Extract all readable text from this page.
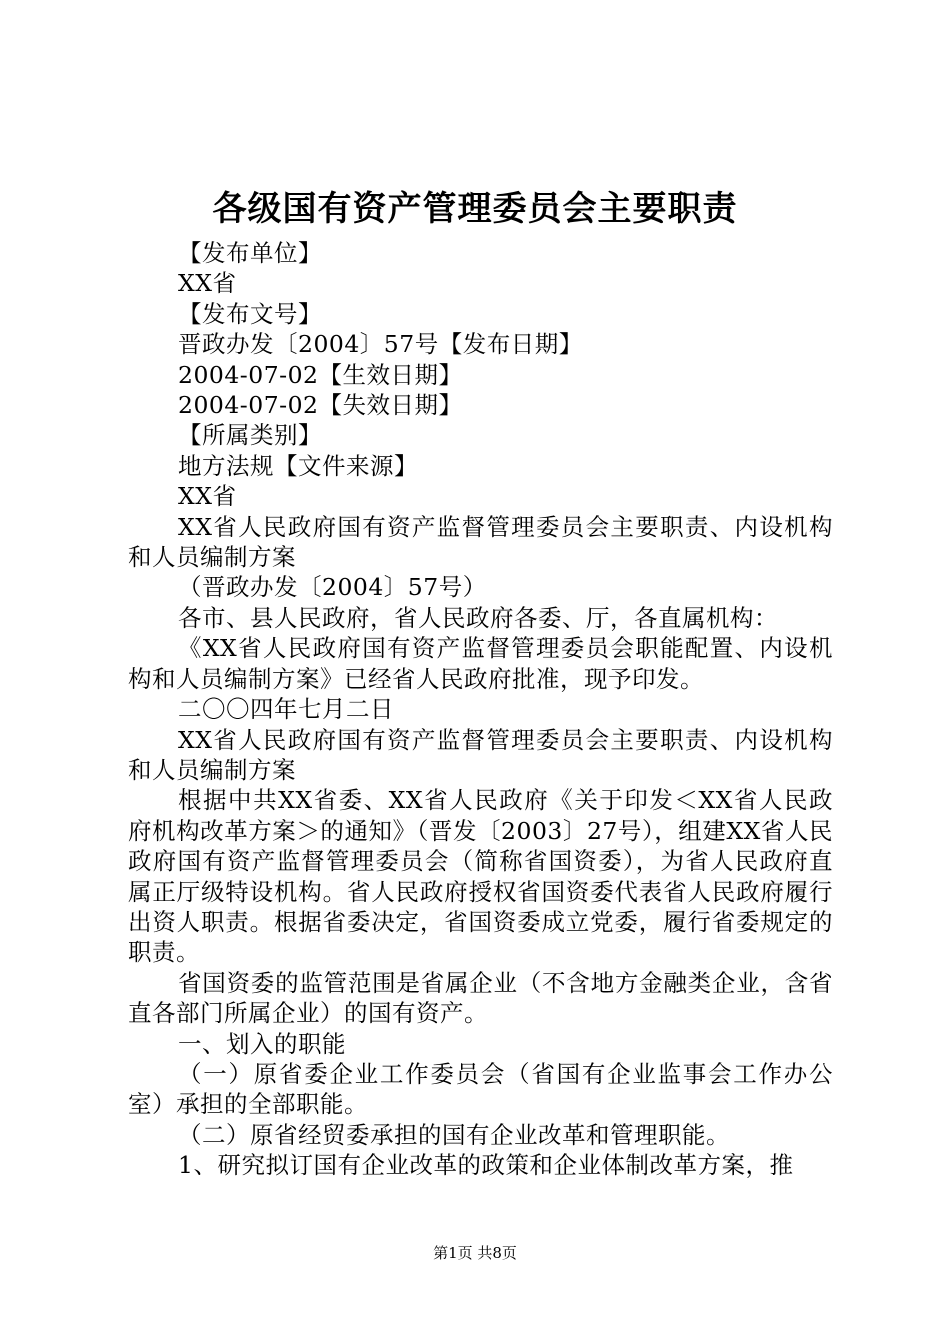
各级国有资产管理委员会主要职责

【发布单位】

XX省

【发布文号】

晋政办发〔2004〕57号【发布日期】

2004-07-02【生效日期】

2004-07-02【失效日期】

【所属类别】

地方法规【文件来源】

XX省

XX省人民政府国有资产监督管理委员会主要职责、内设机构和人员编制方案

（晋政办发〔2004〕57号）

各市、县人民政府，省人民政府各委、厅，各直属机构：

《XX省人民政府国有资产监督管理委员会职能配置、内设机构和人员编制方案》已经省人民政府批准，现予印发。

二〇〇四年七月二日

XX省人民政府国有资产监督管理委员会主要职责、内设机构和人员编制方案

根据中共XX省委、XX省人民政府《关于印发＜XX省人民政府机构改革方案＞的通知》（晋发〔2003〕27号），组建XX省人民政府国有资产监督管理委员会（简称省国资委），为省人民政府直属正厅级特设机构。省人民政府授权省国资委代表省人民政府履行出资人职责。根据省委决定，省国资委成立党委，履行省委规定的职责。

省国资委的监管范围是省属企业（不含地方金融类企业，含省直各部门所属企业）的国有资产。

一、划入的职能

（一）原省委企业工作委员会（省国有企业监事会工作办公室）承担的全部职能。

（二）原省经贸委承担的国有企业改革和管理职能。

1、研究拟订国有企业改革的政策和企业体制改革方案，推

第1页 共8页
